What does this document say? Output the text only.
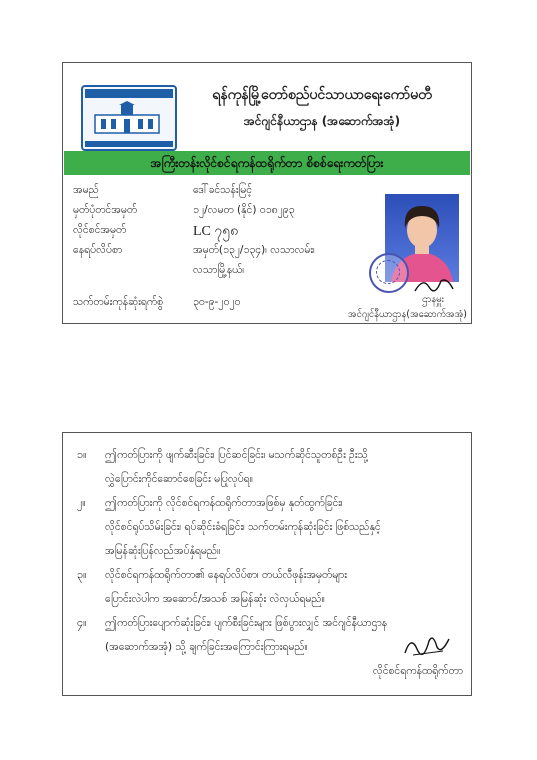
ရန်ကုန်မြို့တော်စည်ပင်သာယာရေးကော်မတီ
အင်ဂျင်နီယာဌာန (အဆောက်အအုံ)
အကြီးတန်းလိုင်စင်ရကန်ထရိုက်တာ စိစစ်ရေးကတ်ပြား
အမည်	ဒေါ်ခင်သန်းမြင့်
မှတ်ပုံတင်အမှတ်	၁၂/လမတ (နိုင်) ၀၁၈၂၉၃
လိုင်စင်အမှတ်	LC ၇၅၈
နေရပ်လိပ်စာ	အမှတ်(၁၃၂/၁၃၄)၊ လသာလမ်း၊
လသာမြို့နယ်၊
သက်တမ်းကုန်ဆုံးရက်စွဲ	၃၀-၉-၂၀၂၀	ဌာနမှူး
အင်ဂျင်နီယာဌာန(အဆောက်အအုံ)
၁။	ဤကတ်ပြားကို ဖျက်ဆီးခြင်း၊ ပြင်ဆင်ခြင်း၊ မသက်ဆိုင်သူတစ်ဦး ဦးသို့
လွှဲပြောင်းကိုင်ဆောင်စေခြင်း မပြုလုပ်ရ။
၂။	ဤကတ်ပြားကို လိုင်စင်ရကန်ထရိုက်တာအဖြစ်မှ နုတ်ထွက်ခြင်း၊
လိုင်စင်ရုပ်သိမ်းခြင်း၊ ရပ်ဆိုင်းခံရခြင်း၊ သက်တမ်းကုန်ဆုံးခြင်း ဖြစ်သည်နှင့်
အမြန်ဆုံးပြန်လည်အပ်နှံရမည်။
၃။	လိုင်စင်ရကန်ထရိုက်တာ၏ နေရပ်လိပ်စာ၊ တယ်လီဖုန်းအမှတ်များ
ပြောင်းလဲပါက အဆောင်/အသစ် အမြန်ဆုံး လဲလှယ်ရမည်။
၄။	ဤကတ်ပြားပျောက်ဆုံးခြင်း၊ ပျက်စီးခြင်းများ ဖြစ်ပွားလျှင် အင်ဂျင်နီယာဌာန
(အဆောက်အအုံ) သို့ ချက်ခြင်းအကြောင်းကြားရမည်။
လိုင်စင်ရကန်ထရိုက်တာ
